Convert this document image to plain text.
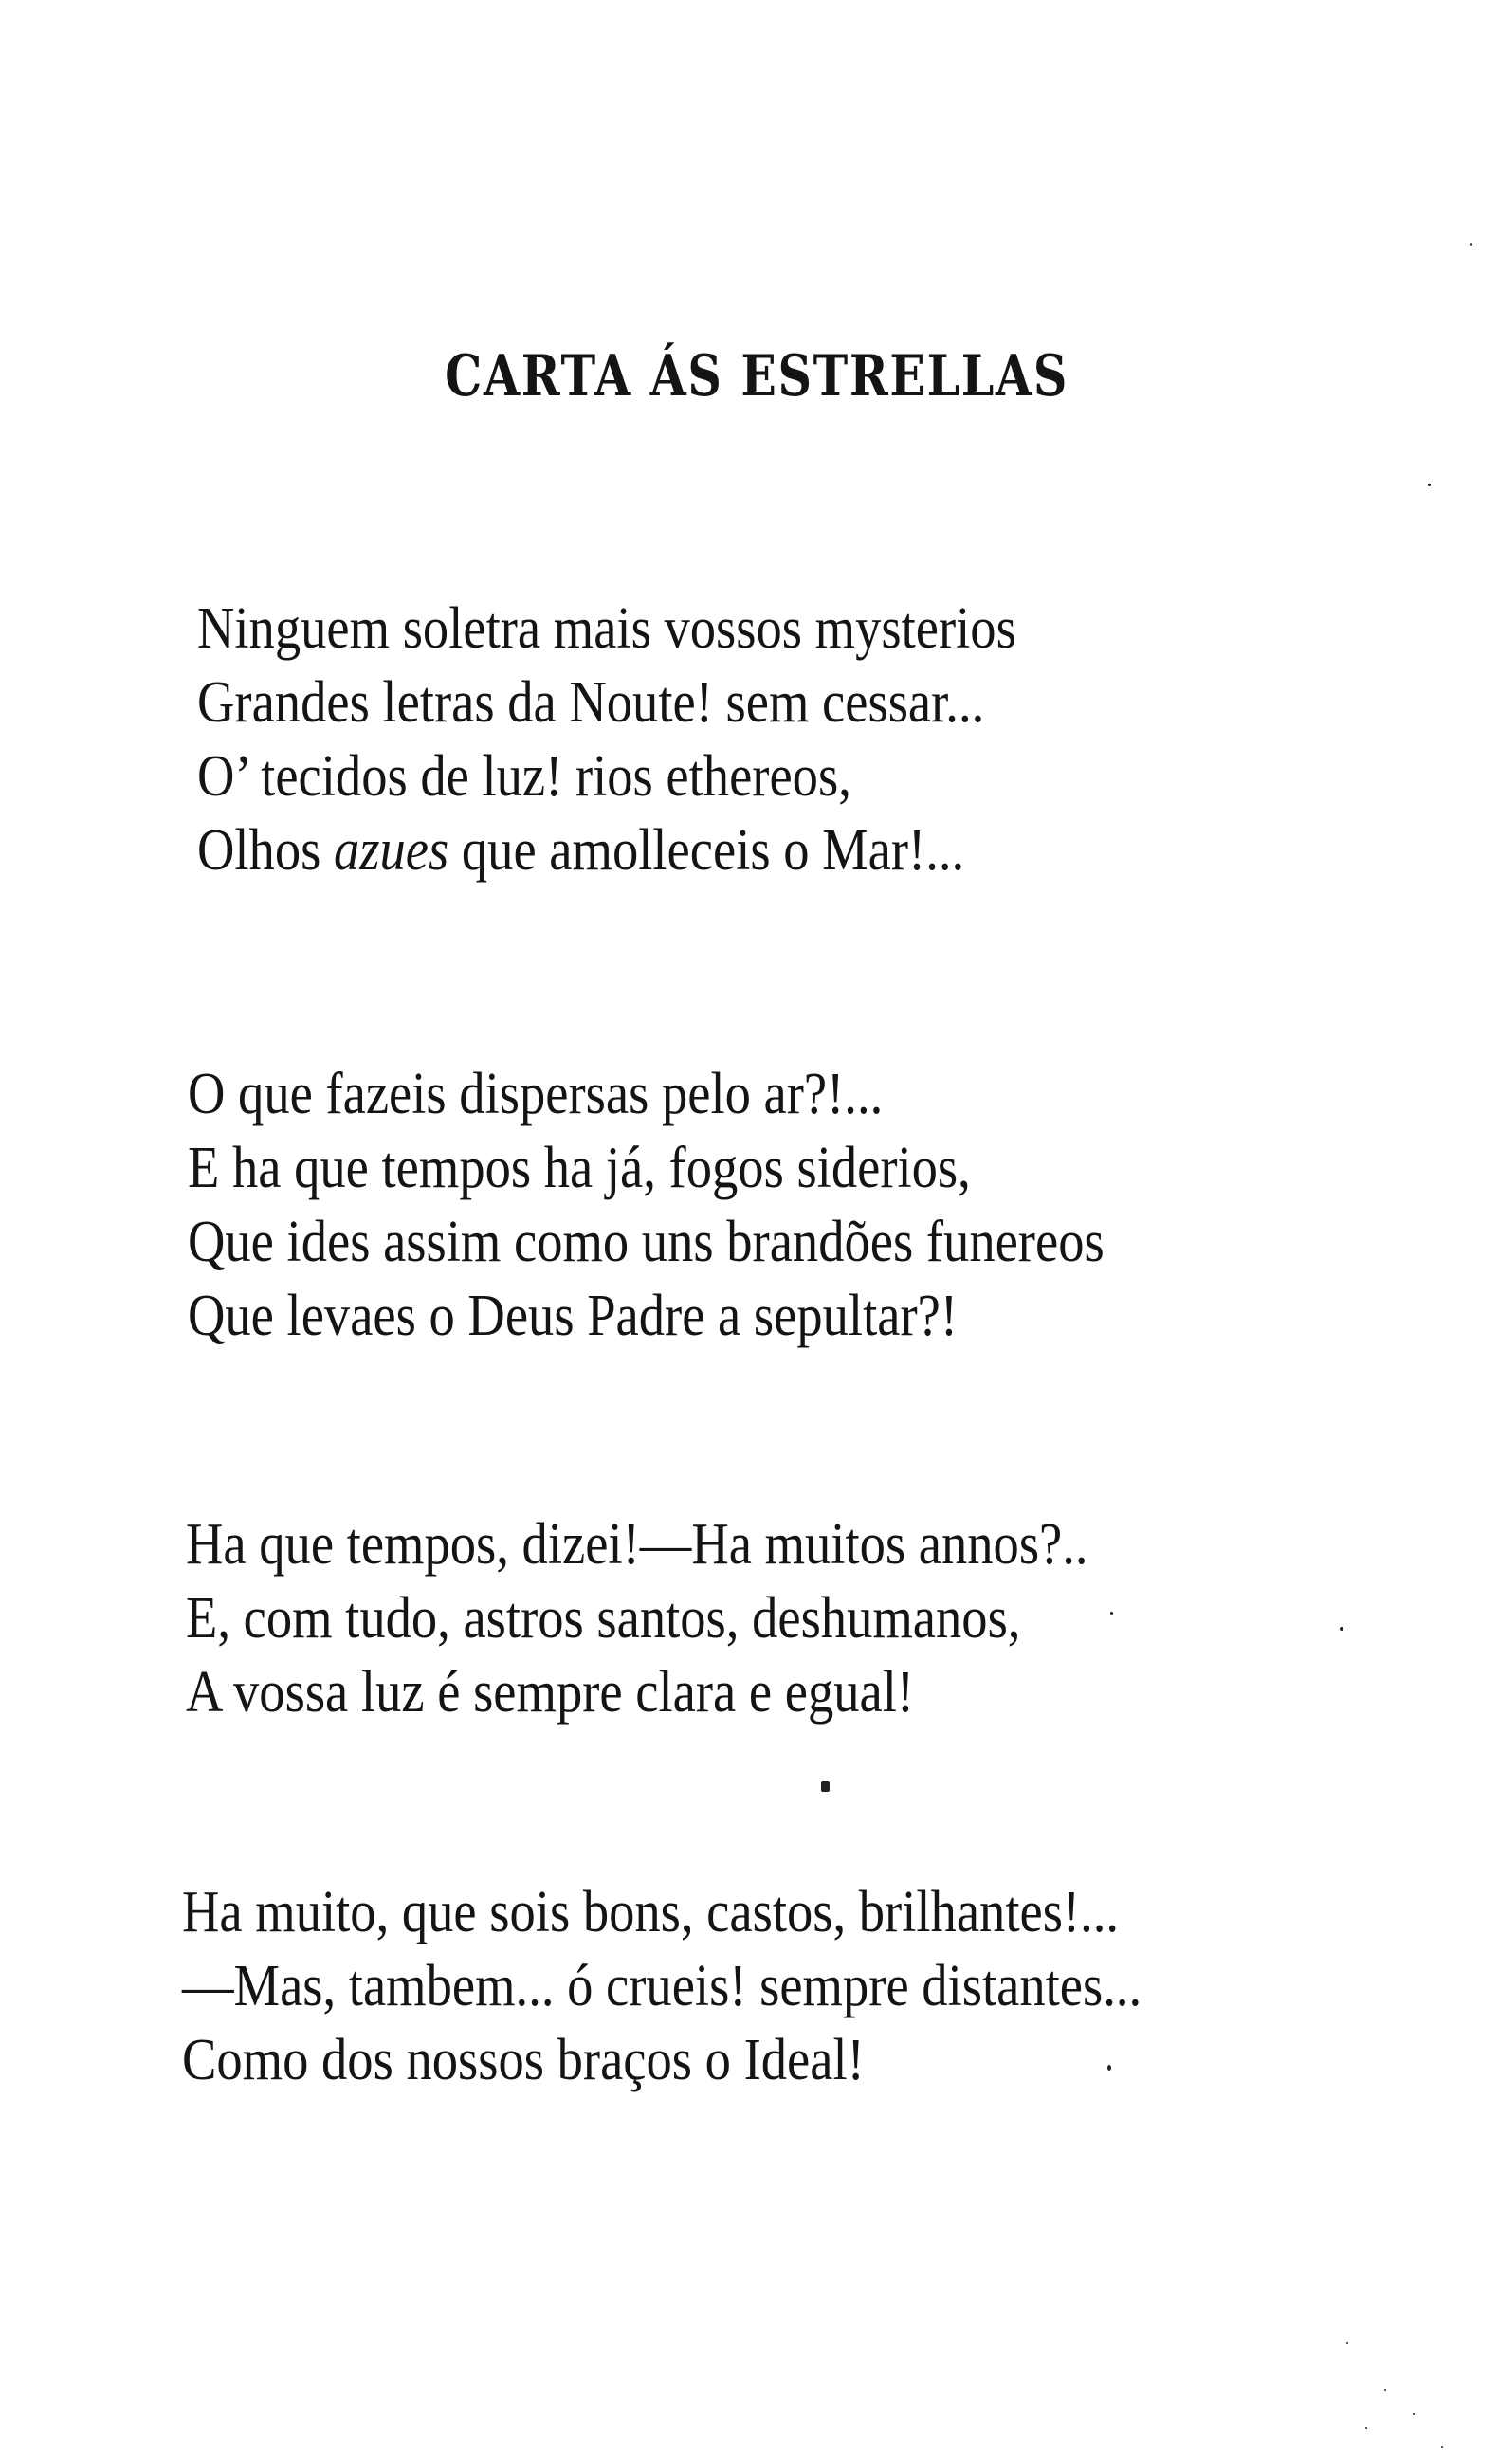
CARTA ÁS ESTRELLAS
Ninguem soletra mais vossos mysterios
Grandes letras da Noute! sem cessar...
O’ tecidos de luz! rios ethereos,
Olhos azues que amolleceis o Mar!...
O que fazeis dispersas pelo ar?!...
E ha que tempos ha já, fogos siderios,
Que ides assim como uns brandões funereos
Que levaes o Deus Padre a sepultar?!
Ha que tempos, dizei!—Ha muitos annos?..
E, com tudo, astros santos, deshumanos,
A vossa luz é sempre clara e egual!
Ha muito, que sois bons, castos, brilhantes!...
—Mas, tambem... ó crueis! sempre distantes...
Como dos nossos braços o Ideal!
